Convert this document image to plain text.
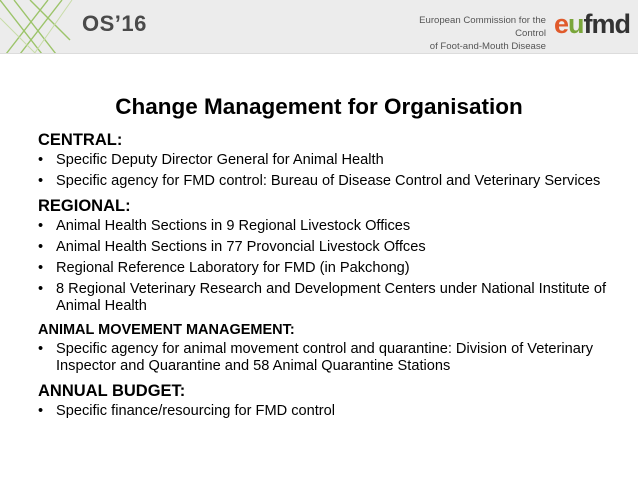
OS’16	European Commission for the Control
of Foot-and-Mouth Disease
eufmd
Change Management for Organisation
CENTRAL:
• Specific Deputy Director General for Animal Health
• Specific agency for FMD control: Bureau of Disease Control and Veterinary Services
REGIONAL:
• Animal Health Sections in 9 Regional Livestock Offices
• Animal Health Sections in 77 Provoncial Livestock Offces
• Regional Reference Laboratory for FMD (in Pakchong)
• 8 Regional Veterinary Research and Development Centers under National Institute of Animal Health
ANIMAL MOVEMENT MANAGEMENT:
• Specific agency for animal movement control and quarantine: Division of Veterinary Inspector and Quarantine and 58 Animal Quarantine Stations
ANNUAL BUDGET:
• Specific finance/resourcing for FMD control
